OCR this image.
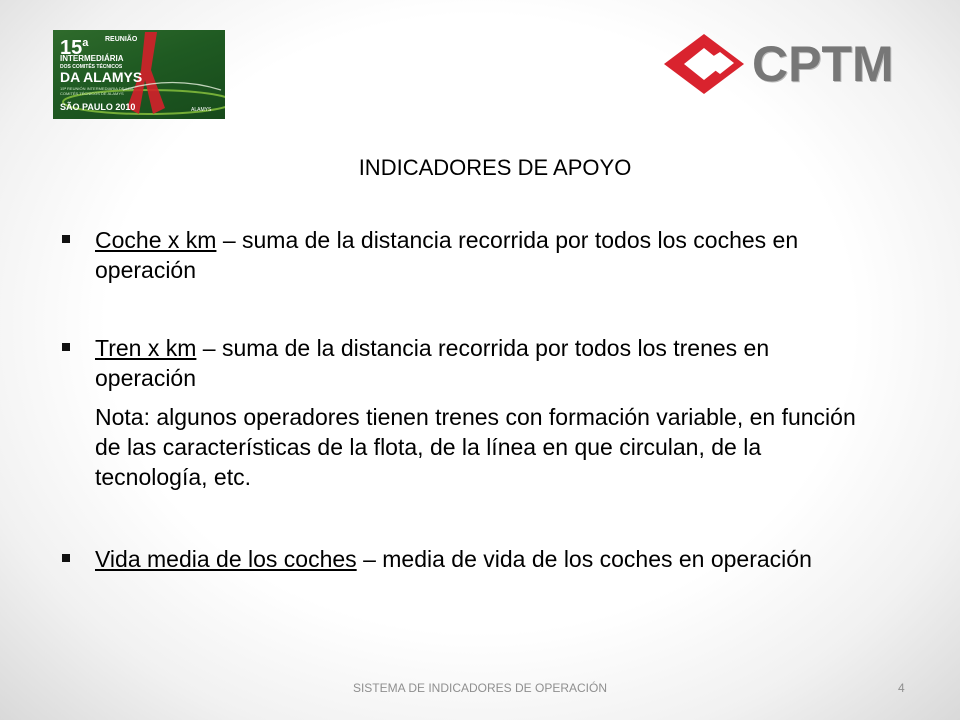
15$^a$ REUNIÃO
INTERMEDIÁRIA
DOS COMITÊS TÉCNICOS
DA ALAMYS
15ª REUNIÓN INTERMEDIARIA DE LOS COMITÉS TÉCNICOS DE ALAMYS
SÃO PAULO 2010	ALAMYS
CPTM
INDICADORES DE APOYO
Coche x km – suma de la distancia recorrida por todos los coches en operación
Tren x km – suma de la distancia recorrida por todos los trenes en operación
Nota: algunos operadores tienen trenes con formación variable, en función de las características de la flota, de la línea en que circulan, de la tecnología, etc.
Vida media de los coches – media de vida de los coches en operación
SISTEMA DE INDICADORES DE OPERACIÓN	4
